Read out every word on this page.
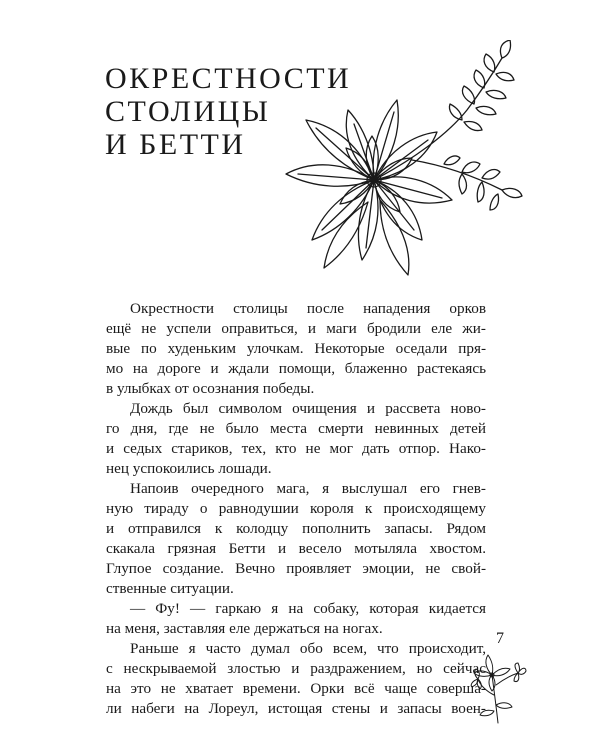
ОКРЕСТНОСТИ
СТОЛИЦЫ
И БЕТТИ

Окрестности столицы после нападения орков
ещё не успели оправиться, и маги бродили еле жи-
вые по худеньким улочкам. Некоторые оседали пря-
мо на дороге и ждали помощи, блаженно растекаясь
в улыбках от осознания победы.

Дождь был символом очищения и рассвета ново-
го дня, где не было места смерти невинных детей
и седых стариков, тех, кто не мог дать отпор. Нако-
нец успокоились лошади.

Напоив очередного мага, я выслушал его гнев-
ную тираду о равнодушии короля к происходящему
и отправился к колодцу пополнить запасы. Рядом
скакала грязная Бетти и весело мотыляла хвостом.
Глупое создание. Вечно проявляет эмоции, не свой-
ственные ситуации.

— Фу! — гаркаю я на собаку, которая кидается
на меня, заставляя еле держаться на ногах.

Раньше я часто думал обо всем, что происходит,
с нескрываемой злостью и раздражением, но сейчас
на это не хватает времени. Орки всё чаще соверша-
ли набеги на Лореул, истощая стены и запасы воен-

7
